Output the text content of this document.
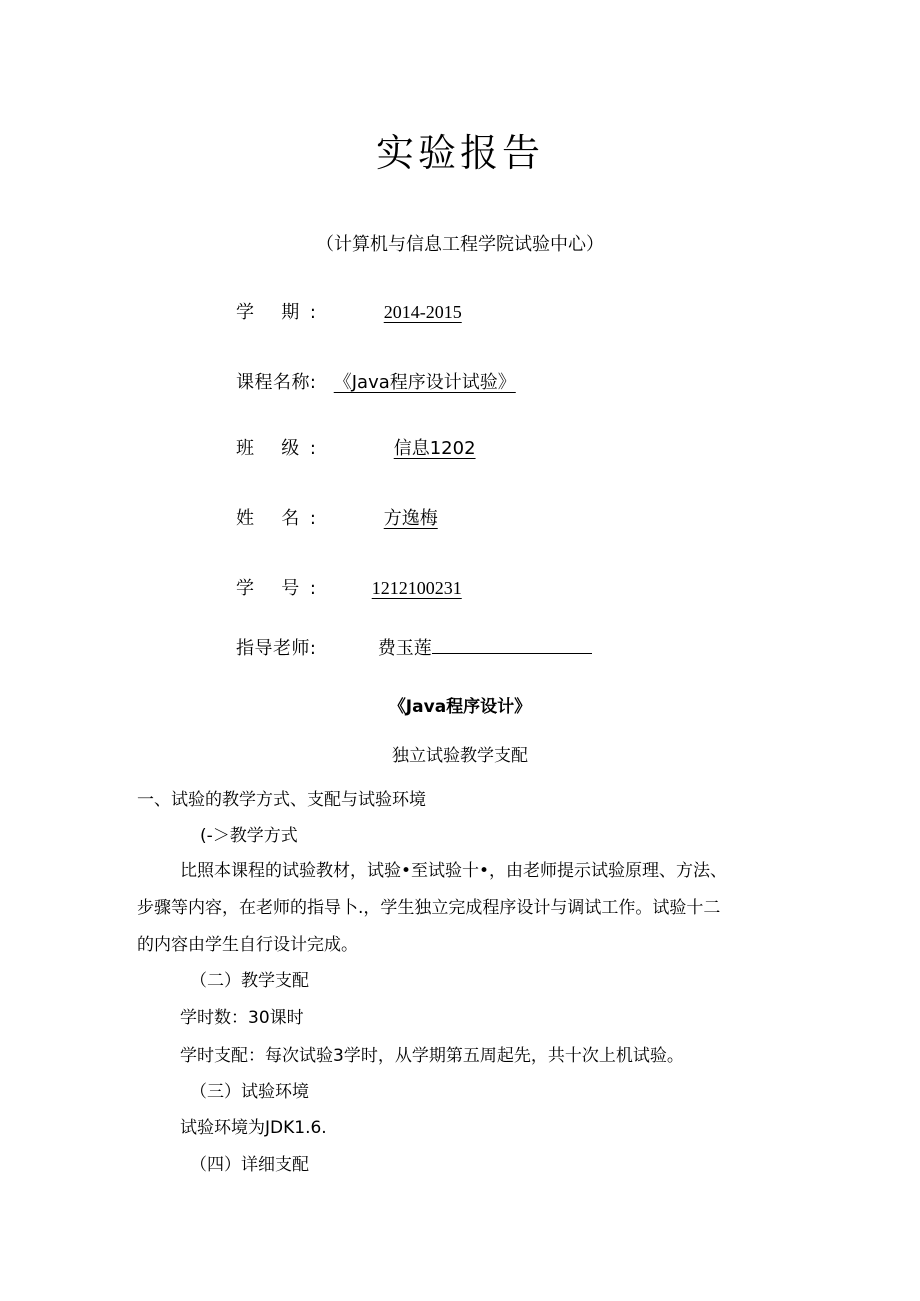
实验报告
（计算机与信息工程学院试验中心）
学 期:	2014-2015
课程名称: 《Java程序设计试验》
班 级:	信息1202
姓 名:	方逸梅
学 号:	1212100231
指导老师:	费玉莲
《Java程序设计》
独立试验教学支配
一、试验的教学方式、支配与试验环境
(-＞教学方式
比照本课程的试验教材，试验•至试验十•，由老师提示试验原理、方法、
步骤等内容，在老师的指导卜.，学生独立完成程序设计与调试工作。试验十二
的内容由学生自行设计完成。
（二）教学支配
学时数：30课时
学时支配：每次试验3学时，从学期第五周起先，共十次上机试验。
（三）试验环境
试验环境为JDK1.6.
（四）详细支配
